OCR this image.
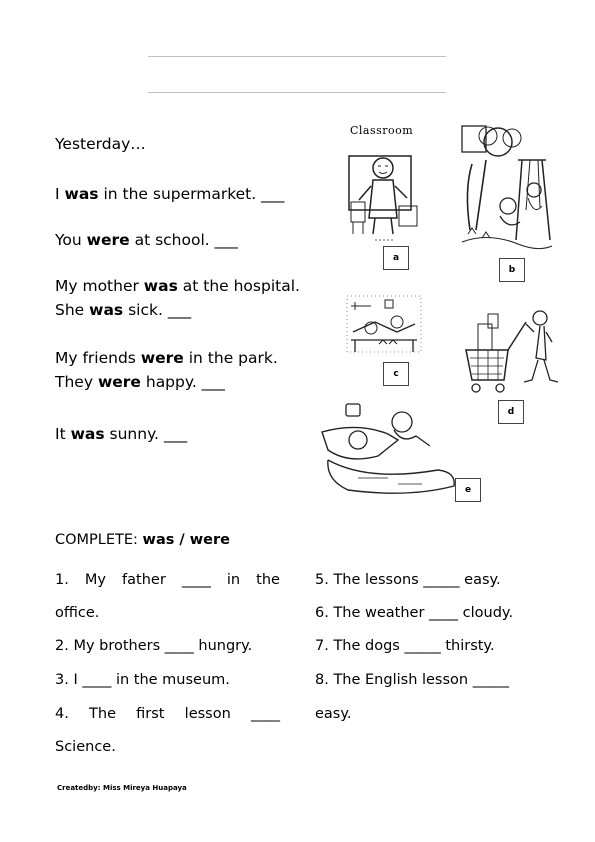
Yesterday…
I was in the supermarket. ___
You were at school. ___
My mother was at the hospital.
She was sick. ___
My friends were in the park.
They were happy. ___
It was sunny. ___
Classroom
a
b
c
d
e
COMPLETE: was / were
1. My father ____ in the
office.
2. My brothers ____ hungry.
3. I ____ in the museum.
4. The first lesson ____
Science.
5. The lessons _____ easy.
6. The weather ____ cloudy.
7. The dogs _____ thirsty.
8. The English lesson _____
easy.
Createdby: Miss Mireya Huapaya
